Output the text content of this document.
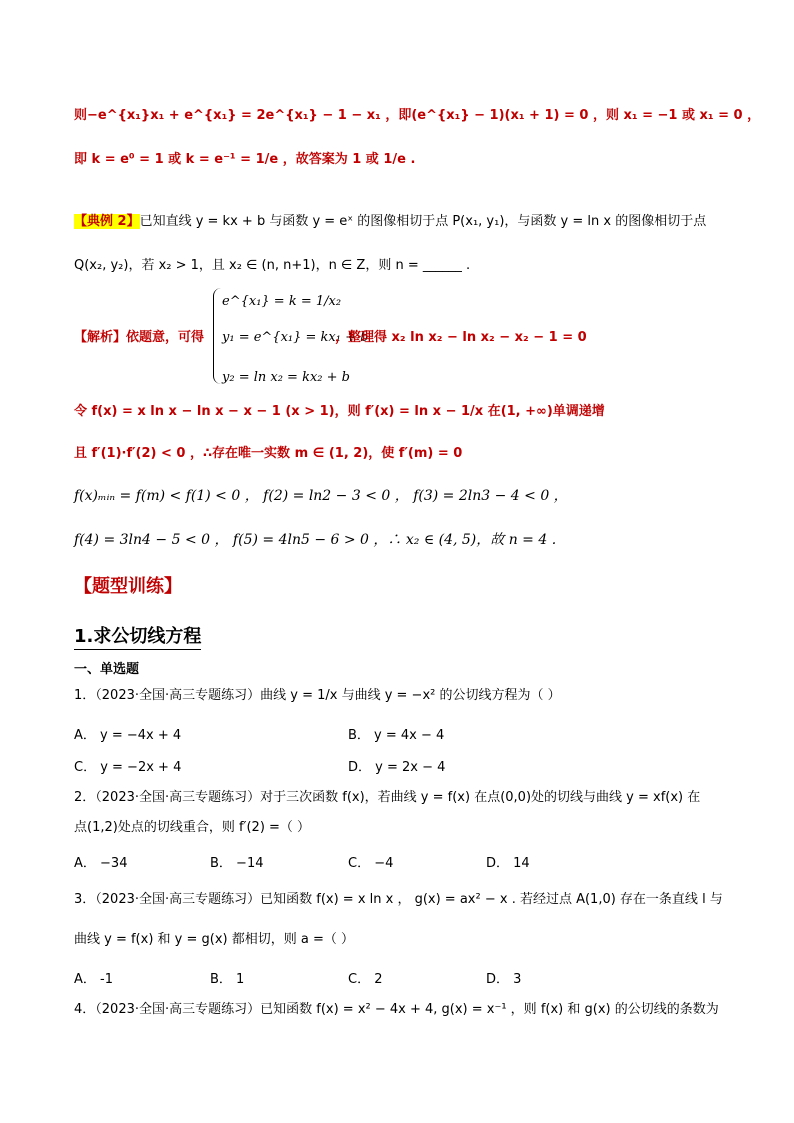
则−e^{x₁}x₁ + e^{x₁} = 2e^{x₁} − 1 − x₁ ，即(e^{x₁} − 1)(x₁ + 1) = 0 ，则 x₁ = −1 或 x₁ = 0 ，
即 k = e⁰ = 1 或 k = e⁻¹ = 1/e ，故答案为 1 或 1/e .
【典例 2】已知直线 y = kx + b 与函数 y = eˣ 的图像相切于点 P(x₁, y₁)，与函数 y = ln x 的图像相切于点
Q(x₂, y₂)，若 x₂ > 1，且 x₂ ∈ (n, n+1)，n ∈ Z，则 n = ______ .
【解析】依题意，可得
e^{x₁} = k = 1/x₂
y₁ = e^{x₁} = kx₁ + b
y₂ = ln x₂ = kx₂ + b
，整理得 x₂ ln x₂ − ln x₂ − x₂ − 1 = 0
令 f(x) = x ln x − ln x − x − 1 (x > 1)，则 f′(x) = ln x − 1/x 在(1, +∞)单调递增
且 f′(1)·f′(2) < 0 ，∴存在唯一实数 m ∈ (1, 2)，使 f′(m) = 0
f(x)ₘᵢₙ = f(m) < f(1) < 0 ， f(2) = ln2 − 3 < 0 ， f(3) = 2ln3 − 4 < 0 ，
f(4) = 3ln4 − 5 < 0 ， f(5) = 4ln5 − 6 > 0 ，∴ x₂ ∈ (4, 5)，故 n = 4 .
【题型训练】
1.求公切线方程
一、单选题
1．（2023·全国·高三专题练习）曲线 y = 1/x 与曲线 y = −x² 的公切线方程为（ ）
A． y = −4x + 4	B． y = 4x − 4
C． y = −2x + 4	D． y = 2x − 4
2．（2023·全国·高三专题练习）对于三次函数 f(x)，若曲线 y = f(x) 在点(0,0)处的切线与曲线 y = xf(x) 在
点(1,2)处点的切线重合，则 f′(2) =（ ）
A． −34	B． −14	C． −4	D． 14
3．（2023·全国·高三专题练习）已知函数 f(x) = x ln x ， g(x) = ax² − x . 若经过点 A(1,0) 存在一条直线 l 与
曲线 y = f(x) 和 y = g(x) 都相切，则 a =（ ）
A． -1	B． 1	C． 2	D． 3
4．（2023·全国·高三专题练习）已知函数 f(x) = x² − 4x + 4, g(x) = x⁻¹ ，则 f(x) 和 g(x) 的公切线的条数为
